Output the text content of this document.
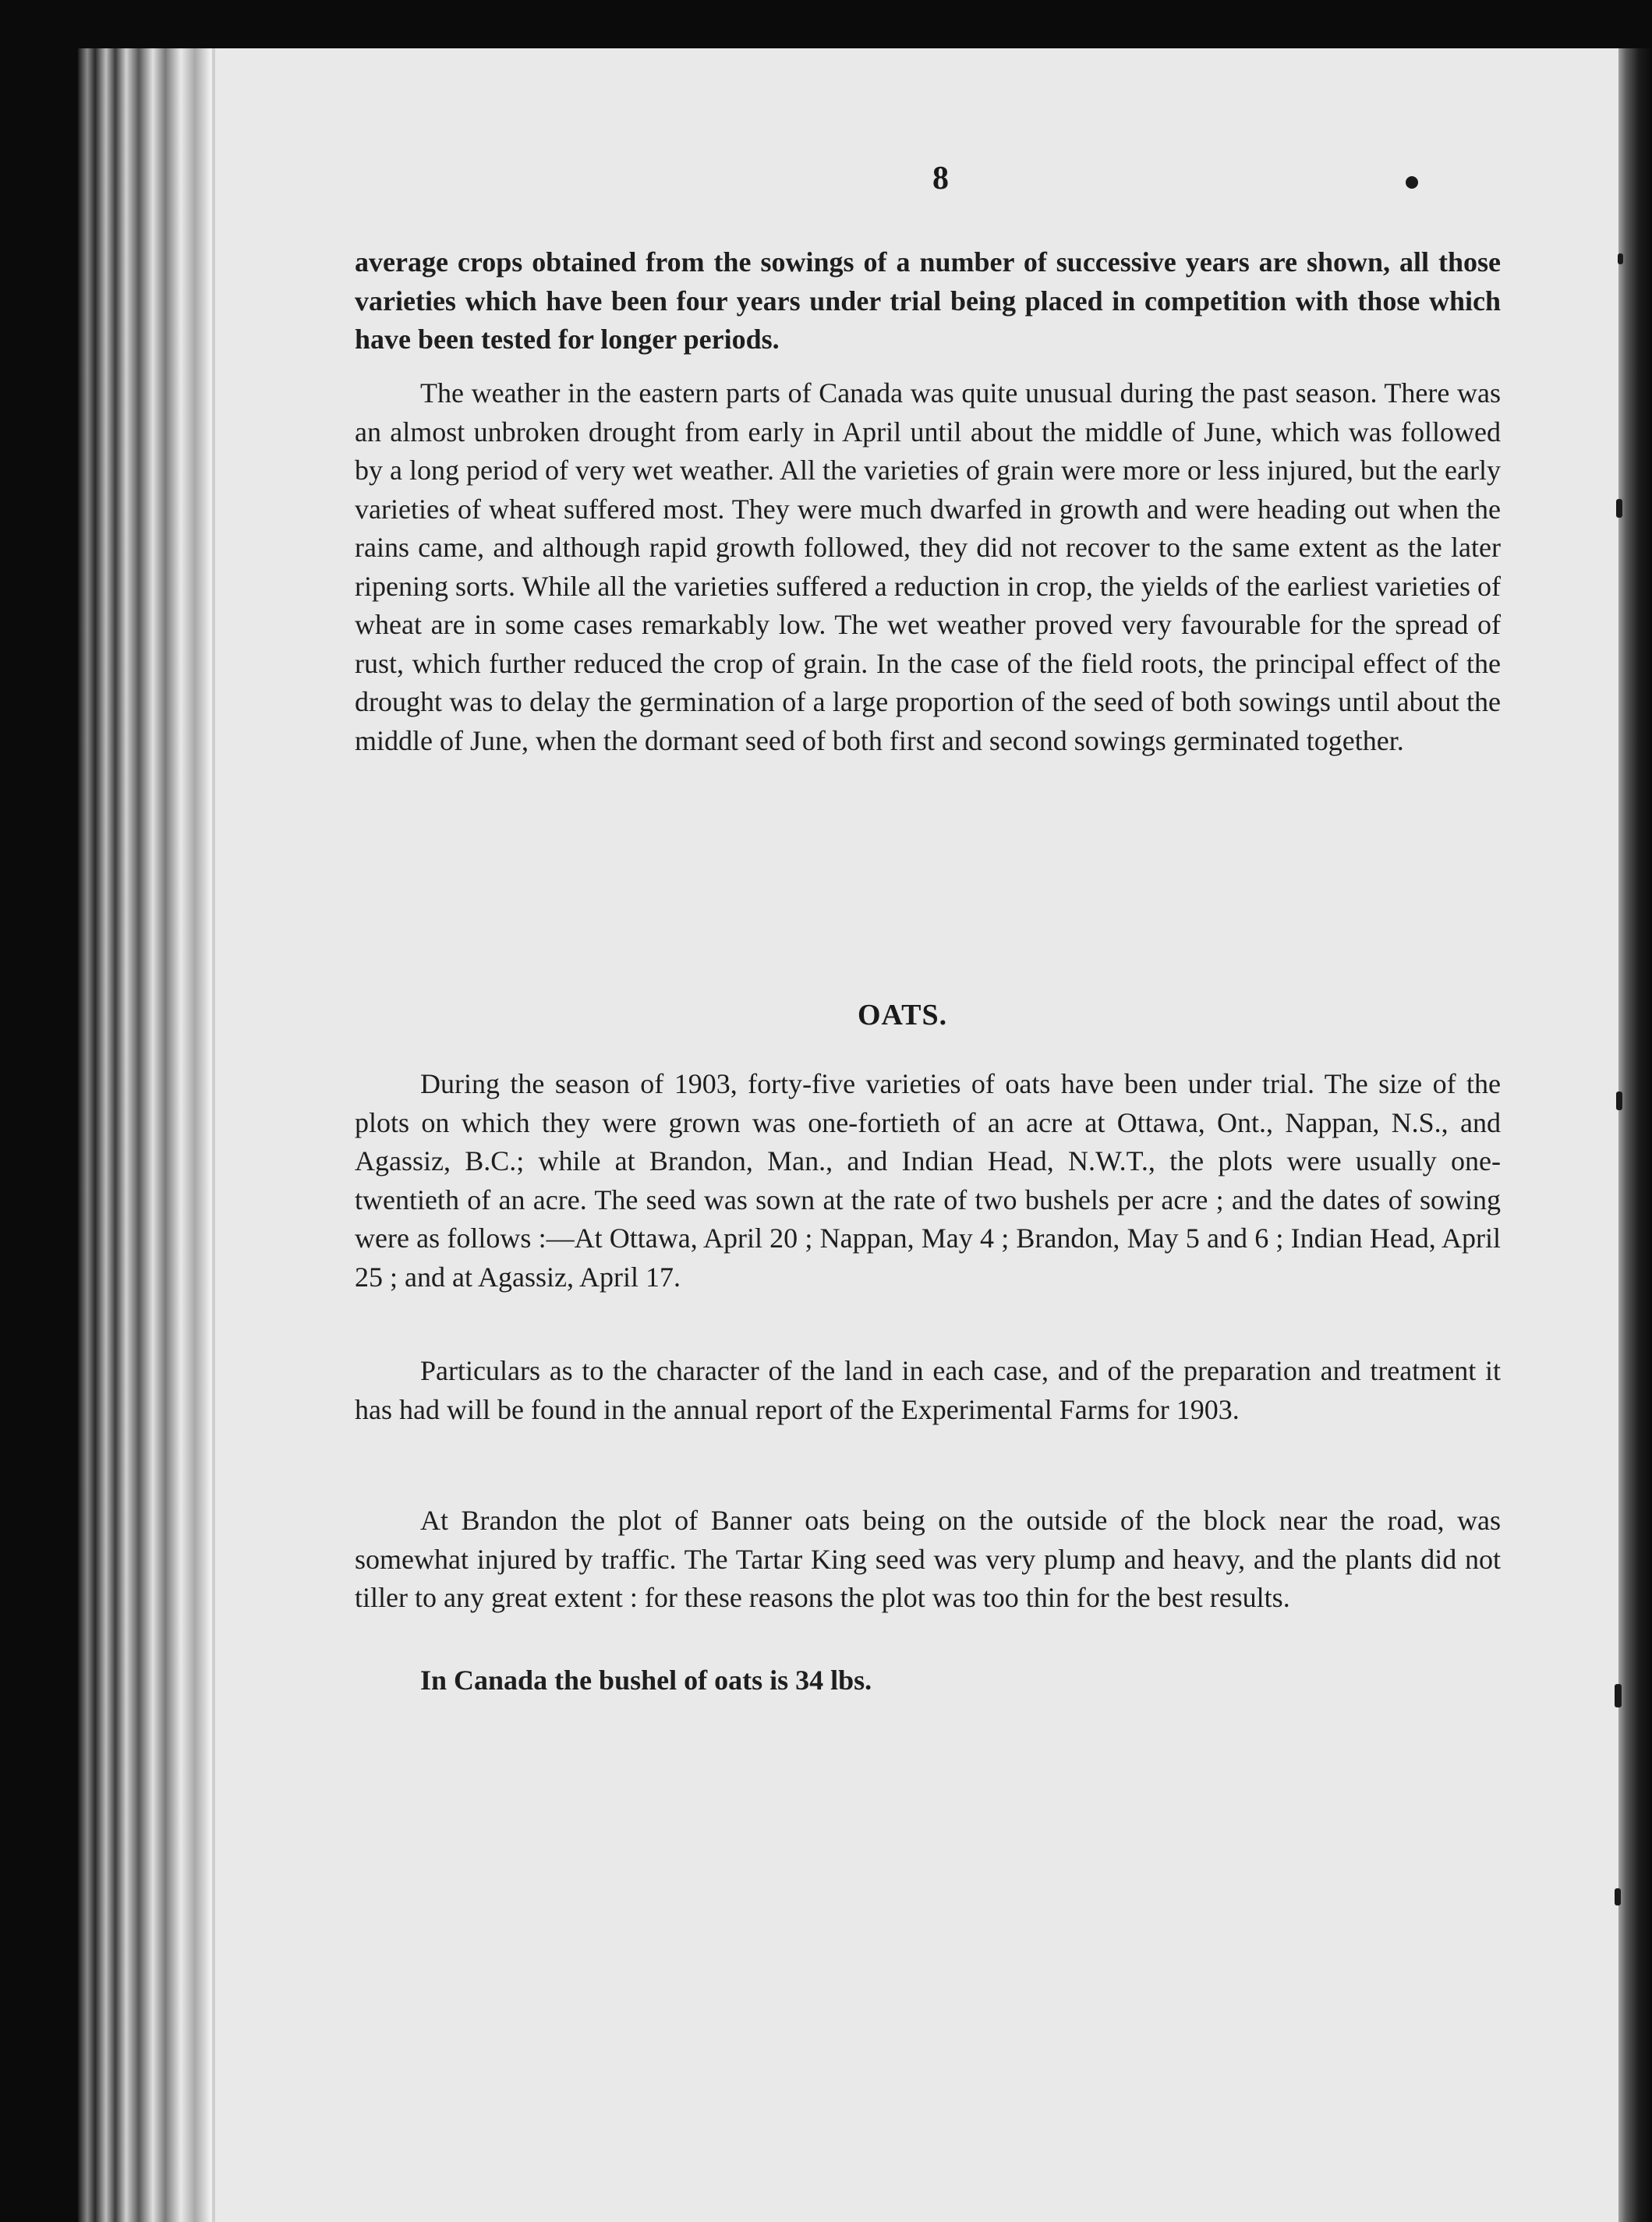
8

average crops obtained from the sowings of a number of successive years are shown, all those varieties which have been four years under trial being placed in competition with those which have been tested for longer periods.

The weather in the eastern parts of Canada was quite unusual during the past season. There was an almost unbroken drought from early in April until about the middle of June, which was followed by a long period of very wet weather. All the varieties of grain were more or less injured, but the early varieties of wheat suffered most. They were much dwarfed in growth and were heading out when the rains came, and although rapid growth followed, they did not recover to the same extent as the later ripening sorts. While all the varieties suffered a reduction in crop, the yields of the earliest varieties of wheat are in some cases remarkably low. The wet weather proved very favourable for the spread of rust, which further reduced the crop of grain. In the case of the field roots, the principal effect of the drought was to delay the germination of a large proportion of the seed of both sowings until about the middle of June, when the dormant seed of both first and second sowings germinated together.

OATS.

During the season of 1903, forty-five varieties of oats have been under trial. The size of the plots on which they were grown was one-fortieth of an acre at Ottawa, Ont., Nappan, N.S., and Agassiz, B.C.; while at Brandon, Man., and Indian Head, N.W.T., the plots were usually one-twentieth of an acre. The seed was sown at the rate of two bushels per acre ; and the dates of sowing were as follows :—At Ottawa, April 20 ; Nappan, May 4 ; Brandon, May 5 and 6 ; Indian Head, April 25 ; and at Agassiz, April 17.

Particulars as to the character of the land in each case, and of the preparation and treatment it has had will be found in the annual report of the Experimental Farms for 1903.

At Brandon the plot of Banner oats being on the outside of the block near the road, was somewhat injured by traffic. The Tartar King seed was very plump and heavy, and the plants did not tiller to any great extent : for these reasons the plot was too thin for the best results.

In Canada the bushel of oats is 34 lbs.
